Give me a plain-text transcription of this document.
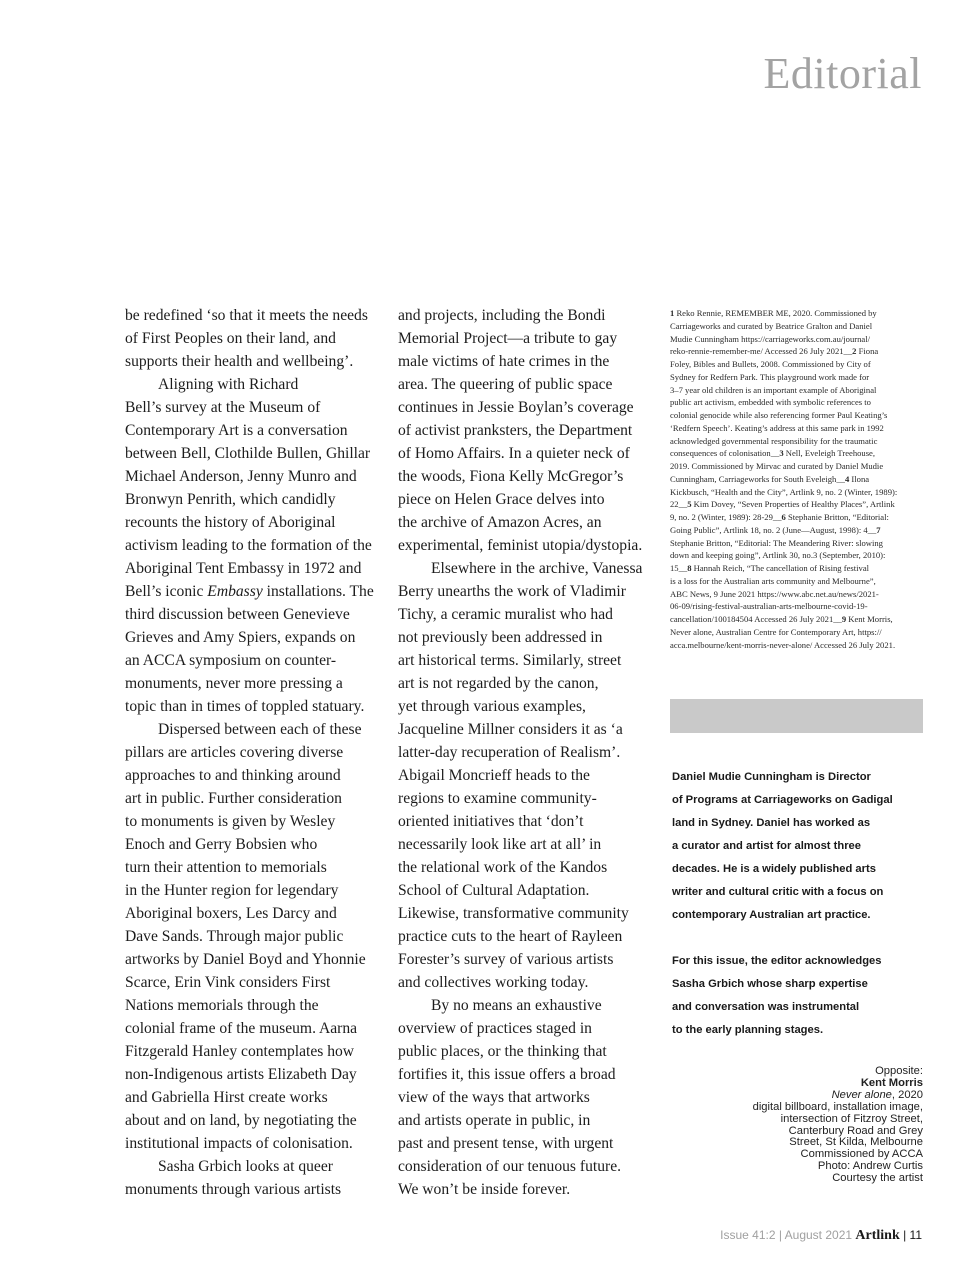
Editorial
be redefined ‘so that it meets the needs
of First Peoples on their land, and
supports their health and wellbeing’.
Aligning with Richard
Bell’s survey at the Museum of
Contemporary Art is a conversation
between Bell, Clothilde Bullen, Ghillar
Michael Anderson, Jenny Munro and
Bronwyn Penrith, which candidly
recounts the history of Aboriginal
activism leading to the formation of the
Aboriginal Tent Embassy in 1972 and
Bell’s iconic Embassy installations. The
third discussion between Genevieve
Grieves and Amy Spiers, expands on
an ACCA symposium on counter-
monuments, never more pressing a
topic than in times of toppled statuary.
Dispersed between each of these
pillars are articles covering diverse
approaches to and thinking around
art in public. Further consideration
to monuments is given by Wesley
Enoch and Gerry Bobsien who
turn their attention to memorials
in the Hunter region for legendary
Aboriginal boxers, Les Darcy and
Dave Sands. Through major public
artworks by Daniel Boyd and Yhonnie
Scarce, Erin Vink considers First
Nations memorials through the
colonial frame of the museum. Aarna
Fitzgerald Hanley contemplates how
non-Indigenous artists Elizabeth Day
and Gabriella Hirst create works
about and on land, by negotiating the
institutional impacts of colonisation.
Sasha Grbich looks at queer
monuments through various artists
and projects, including the Bondi
Memorial Project—a tribute to gay
male victims of hate crimes in the
area. The queering of public space
continues in Jessie Boylan’s coverage
of activist pranksters, the Department
of Homo Affairs. In a quieter neck of
the woods, Fiona Kelly McGregor’s
piece on Helen Grace delves into
the archive of Amazon Acres, an
experimental, feminist utopia/dystopia.
Elsewhere in the archive, Vanessa
Berry unearths the work of Vladimir
Tichy, a ceramic muralist who had
not previously been addressed in
art historical terms. Similarly, street
art is not regarded by the canon,
yet through various examples,
Jacqueline Millner considers it as ‘a
latter-day recuperation of Realism’.
Abigail Moncrieff heads to the
regions to examine community-
oriented initiatives that ‘don’t
necessarily look like art at all’ in
the relational work of the Kandos
School of Cultural Adaptation.
Likewise, transformative community
practice cuts to the heart of Rayleen
Forester’s survey of various artists
and collectives working today.
By no means an exhaustive
overview of practices staged in
public places, or the thinking that
fortifies it, this issue offers a broad
view of the ways that artworks
and artists operate in public, in
past and present tense, with urgent
consideration of our tenuous future.
We won’t be inside forever.
1 Reko Rennie, REMEMBER ME, 2020. Commissioned by
Carriageworks and curated by Beatrice Gralton and Daniel
Mudie Cunningham https://carriageworks.com.au/journal/
reko-rennie-remember-me/ Accessed 26 July 2021__2 Fiona
Foley, Bibles and Bullets, 2008. Commissioned by City of
Sydney for Redfern Park. This playground work made for
3–7 year old children is an important example of Aboriginal
public art activism, embedded with symbolic references to
colonial genocide while also referencing former Paul Keating’s
‘Redfern Speech’. Keating’s address at this same park in 1992
acknowledged governmental responsibility for the traumatic
consequences of colonisation__3 Nell, Eveleigh Treehouse,
2019. Commissioned by Mirvac and curated by Daniel Mudie
Cunningham, Carriageworks for South Eveleigh__4 Ilona
Kickbusch, “Health and the City”, Artlink 9, no. 2 (Winter, 1989):
22__5 Kim Dovey, “Seven Properties of Healthy Places”, Artlink
9, no. 2 (Winter, 1989): 28-29__6 Stephanie Britton, “Editorial:
Going Public”, Artlink 18, no. 2 (June—August, 1998): 4__7
Stephanie Britton, “Editorial: The Meandering River: slowing
down and keeping going”, Artlink 30, no.3 (September, 2010):
15__8 Hannah Reich, “The cancellation of Rising festival
is a loss for the Australian arts community and Melbourne”,
ABC News, 9 June 2021 https://www.abc.net.au/news/2021-
06-09/rising-festival-australian-arts-melbourne-covid-19-
cancellation/100184504 Accessed 26 July 2021__9 Kent Morris,
Never alone, Australian Centre for Contemporary Art, https://
acca.melbourne/kent-morris-never-alone/ Accessed 26 July 2021.
Daniel Mudie Cunningham is Director
of Programs at Carriageworks on Gadigal
land in Sydney. Daniel has worked as
a curator and artist for almost three
decades. He is a widely published arts
writer and cultural critic with a focus on
contemporary Australian art practice.
For this issue, the editor acknowledges
Sasha Grbich whose sharp expertise
and conversation was instrumental
to the early planning stages.
Opposite:
Kent Morris
Never alone, 2020
digital billboard, installation image,
intersection of Fitzroy Street,
Canterbury Road and Grey
Street, St Kilda, Melbourne
Commissioned by ACCA
Photo: Andrew Curtis
Courtesy the artist
Issue 41:2 | August 2021 Artlink | 11
